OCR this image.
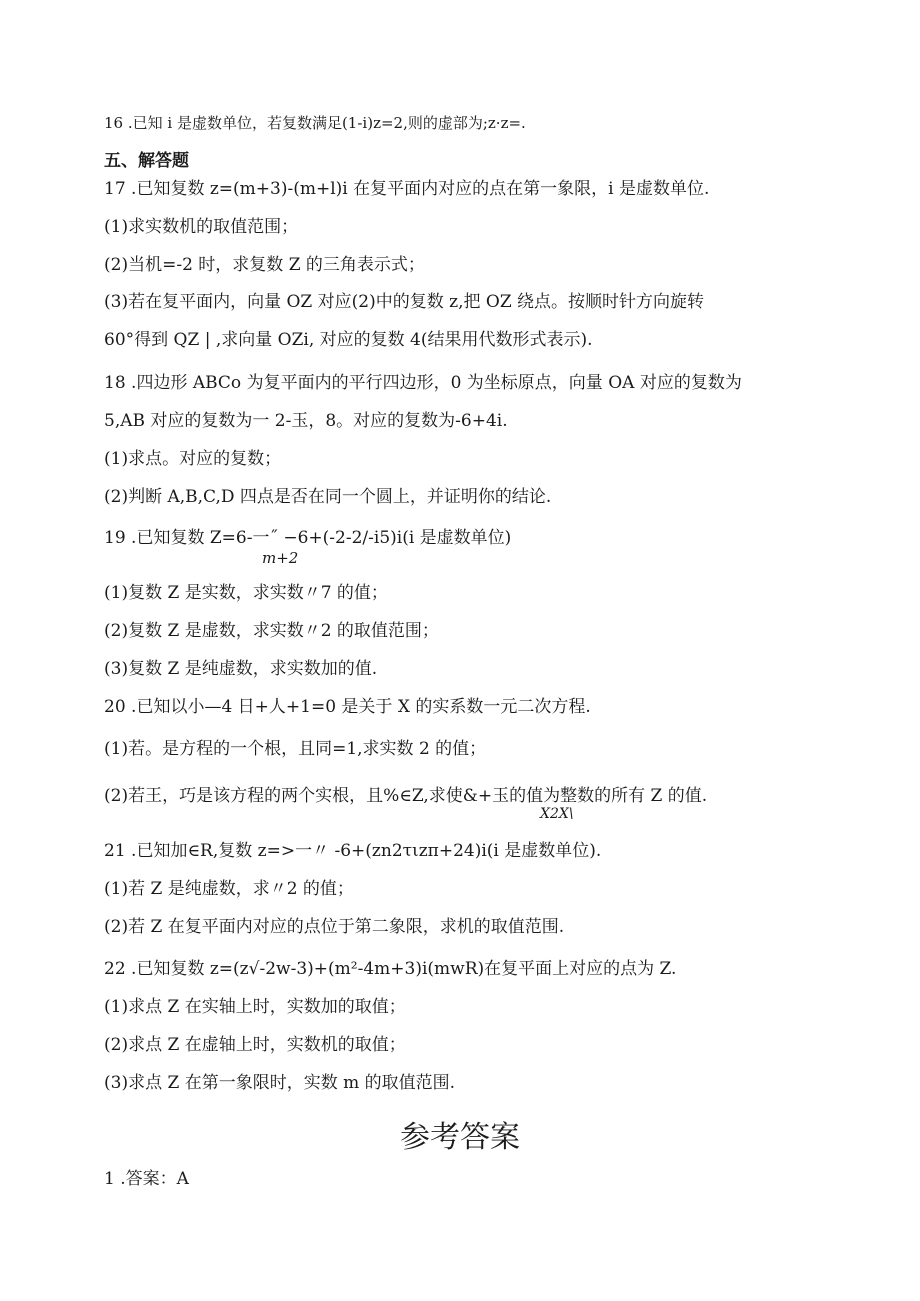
16 .已知 i 是虚数单位，若复数满足(1-i)z=2,则的虚部为;z·z=.
五、解答题
17 .已知复数 z=(m+3)-(m+l)i 在复平面内对应的点在第一象限，i 是虚数单位.
(1)求实数机的取值范围；
(2)当机=-2 时，求复数 Z 的三角表示式；
(3)若在复平面内，向量 OZ 对应(2)中的复数 z,把 OZ 绕点。按顺时针方向旋转
60°得到 QZ | ,求向量 OZi, 对应的复数 4(结果用代数形式表示).
18 .四边形 ABCo 为复平面内的平行四边形，0 为坐标原点，向量 OA 对应的复数为
5,AB 对应的复数为一 2-玉，8。对应的复数为-6+4i.
(1)求点。对应的复数；
(2)判断 A,B,C,D 四点是否在同一个圆上，并证明你的结论.
19 .已知复数 Z=6-一˝ −6+(-2-2∕-i5)i(i 是虚数单位)
m+2
(1)复数 Z 是实数，求实数〃7 的值；
(2)复数 Z 是虚数，求实数〃2 的取值范围；
(3)复数 Z 是纯虚数，求实数加的值.
20 .已知以小—4 日+人+1=0 是关于 X 的实系数一元二次方程.
(1)若。是方程的一个根，且同=1,求实数 2 的值；
(2)若王，巧是该方程的两个实根，且%∈Z,求使&+玉的值为整数的所有 Z 的值.
X2X\
21 .已知加∈R,复数 z=>一〃 -6+(zn2τιzπ+24)i(i 是虚数单位).
(1)若 Z 是纯虚数，求〃2 的值；
(2)若 Z 在复平面内对应的点位于第二象限，求机的取值范围.
22 .已知复数 z=(z√-2w-3)+(m²-4m+3)i(mwR)在复平面上对应的点为 Z.
(1)求点 Z 在实轴上时，实数加的取值；
(2)求点 Z 在虚轴上时，实数机的取值；
(3)求点 Z 在第一象限时，实数 m 的取值范围.
参考答案
1 .答案：A
